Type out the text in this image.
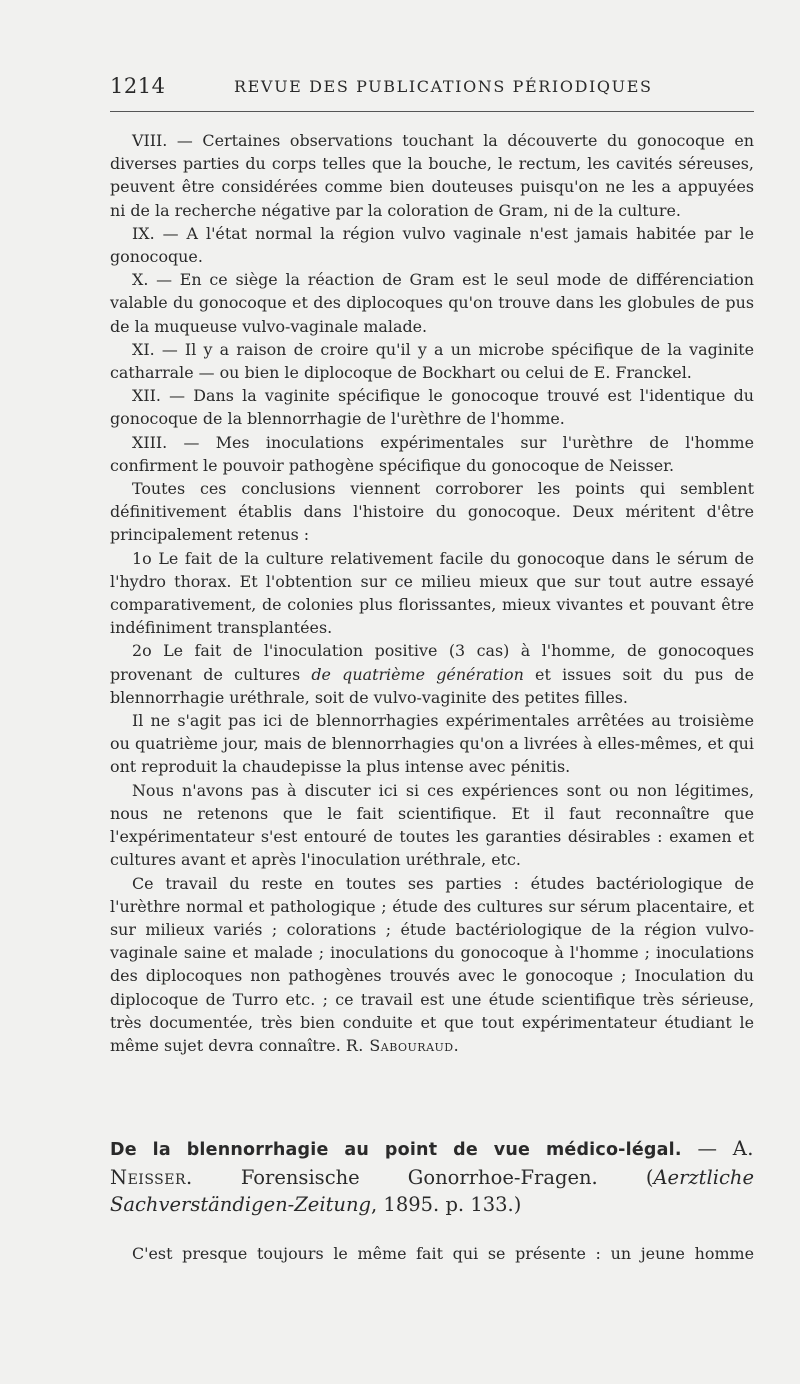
1214	REVUE DES PUBLICATIONS PÉRIODIQUES

VIII. — Certaines observations touchant la découverte du gonocoque en diverses parties du corps telles que la bouche, le rectum, les cavités séreuses, peuvent être considérées comme bien douteuses puisqu'on ne les a appuyées ni de la recherche négative par la coloration de Gram, ni de la culture.

IX. — A l'état normal la région vulvo vaginale n'est jamais habitée par le gonocoque.

X. — En ce siège la réaction de Gram est le seul mode de différenciation valable du gonocoque et des diplocoques qu'on trouve dans les globules de pus de la muqueuse vulvo-vaginale malade.

XI. — Il y a raison de croire qu'il y a un microbe spécifique de la vaginite catharrale — ou bien le diplocoque de Bockhart ou celui de E. Franckel.

XII. — Dans la vaginite spécifique le gonocoque trouvé est l'identique du gonocoque de la blennorrhagie de l'urèthre de l'homme.

XIII. — Mes inoculations expérimentales sur l'urèthre de l'homme confirment le pouvoir pathogène spécifique du gonocoque de Neisser.

Toutes ces conclusions viennent corroborer les points qui semblent définitivement établis dans l'histoire du gonocoque. Deux méritent d'être principalement retenus :

1o Le fait de la culture relativement facile du gonocoque dans le sérum de l'hydro thorax. Et l'obtention sur ce milieu mieux que sur tout autre essayé comparativement, de colonies plus florissantes, mieux vivantes et pouvant être indéfiniment transplantées.

2o Le fait de l'inoculation positive (3 cas) à l'homme, de gonocoques provenant de cultures de quatrième génération et issues soit du pus de blennorrhagie uréthrale, soit de vulvo-vaginite des petites filles.

Il ne s'agit pas ici de blennorrhagies expérimentales arrêtées au troisième ou quatrième jour, mais de blennorrhagies qu'on a livrées à elles-mêmes, et qui ont reproduit la chaudepisse la plus intense avec pénitis.

Nous n'avons pas à discuter ici si ces expériences sont ou non légitimes, nous ne retenons que le fait scientifique. Et il faut reconnaître que l'expérimentateur s'est entouré de toutes les garanties désirables : examen et cultures avant et après l'inoculation uréthrale, etc.

Ce travail du reste en toutes ses parties : études bactériologique de l'urèthre normal et pathologique ; étude des cultures sur sérum placentaire, et sur milieux variés ; colorations ; étude bactériologique de la région vulvo-vaginale saine et malade ; inoculations du gonocoque à l'homme ; inoculations des diplocoques non pathogènes trouvés avec le gonocoque ; Inoculation du diplocoque de Turro etc. ; ce travail est une étude scientifique très sérieuse, très documentée, très bien conduite et que tout expérimentateur étudiant le même sujet devra connaître. R. Sabouraud.

De la blennorrhagie au point de vue médico-légal. — A. Neisser. Forensische Gonorrhoe-Fragen. (Aerztliche Sachverständigen-Zeitung, 1895. p. 133.)

C'est presque toujours le même fait qui se présente : un jeune homme
